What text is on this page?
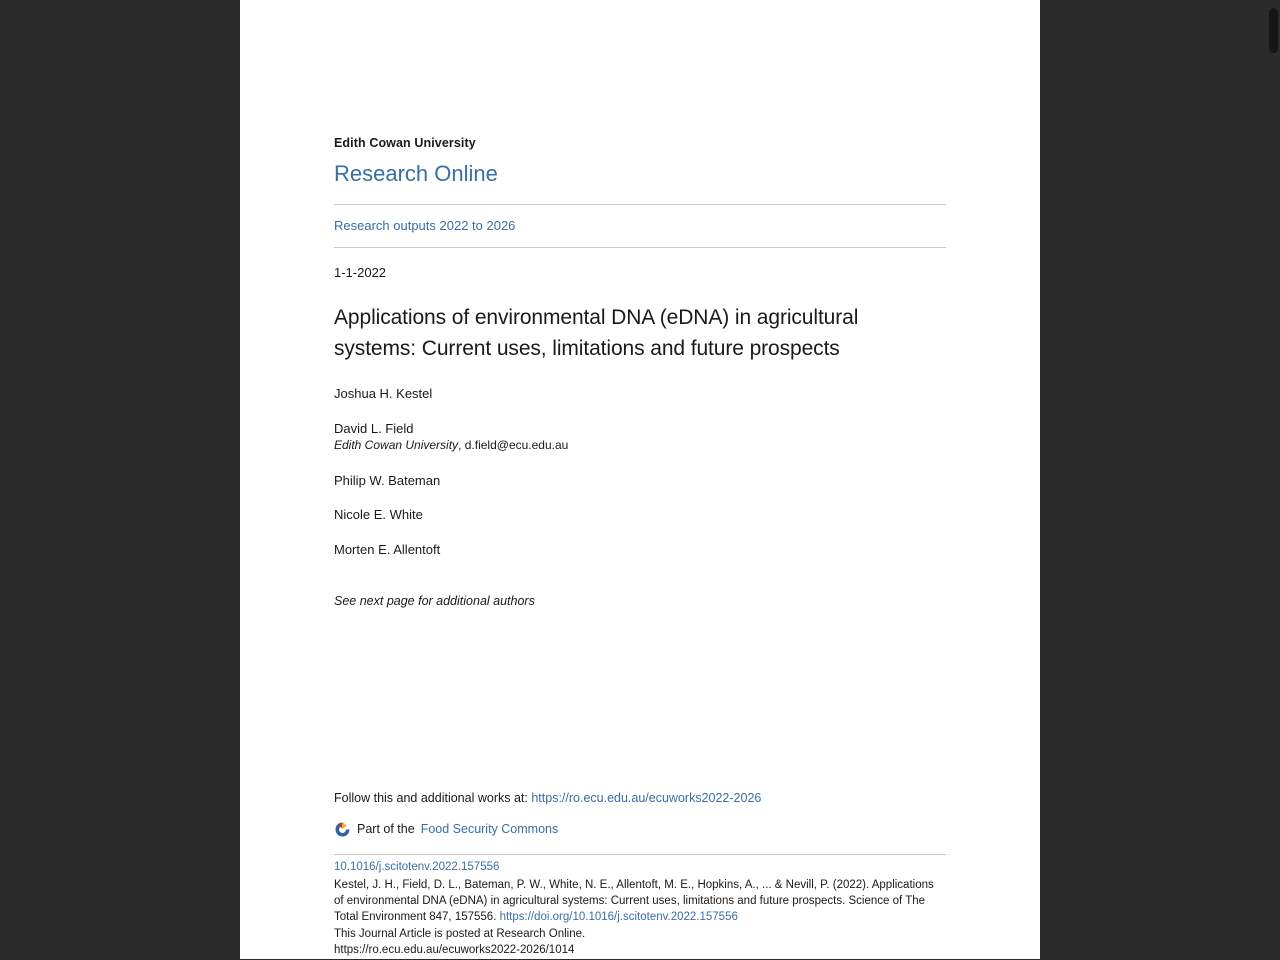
Edith Cowan University
Research Online
Research outputs 2022 to 2026
1-1-2022
Applications of environmental DNA (eDNA) in agricultural systems: Current uses, limitations and future prospects
Joshua H. Kestel
David L. Field
Edith Cowan University, d.field@ecu.edu.au
Philip W. Bateman
Nicole E. White
Morten E. Allentoft
See next page for additional authors
Follow this and additional works at: https://ro.ecu.edu.au/ecuworks2022-2026
Part of the Food Security Commons
10.1016/j.scitotenv.2022.157556
Kestel, J. H., Field, D. L., Bateman, P. W., White, N. E., Allentoft, M. E., Hopkins, A., ... & Nevill, P. (2022). Applications of environmental DNA (eDNA) in agricultural systems: Current uses, limitations and future prospects. Science of The Total Environment 847, 157556. https://doi.org/10.1016/j.scitotenv.2022.157556
This Journal Article is posted at Research Online.
https://ro.ecu.edu.au/ecuworks2022-2026/1014
